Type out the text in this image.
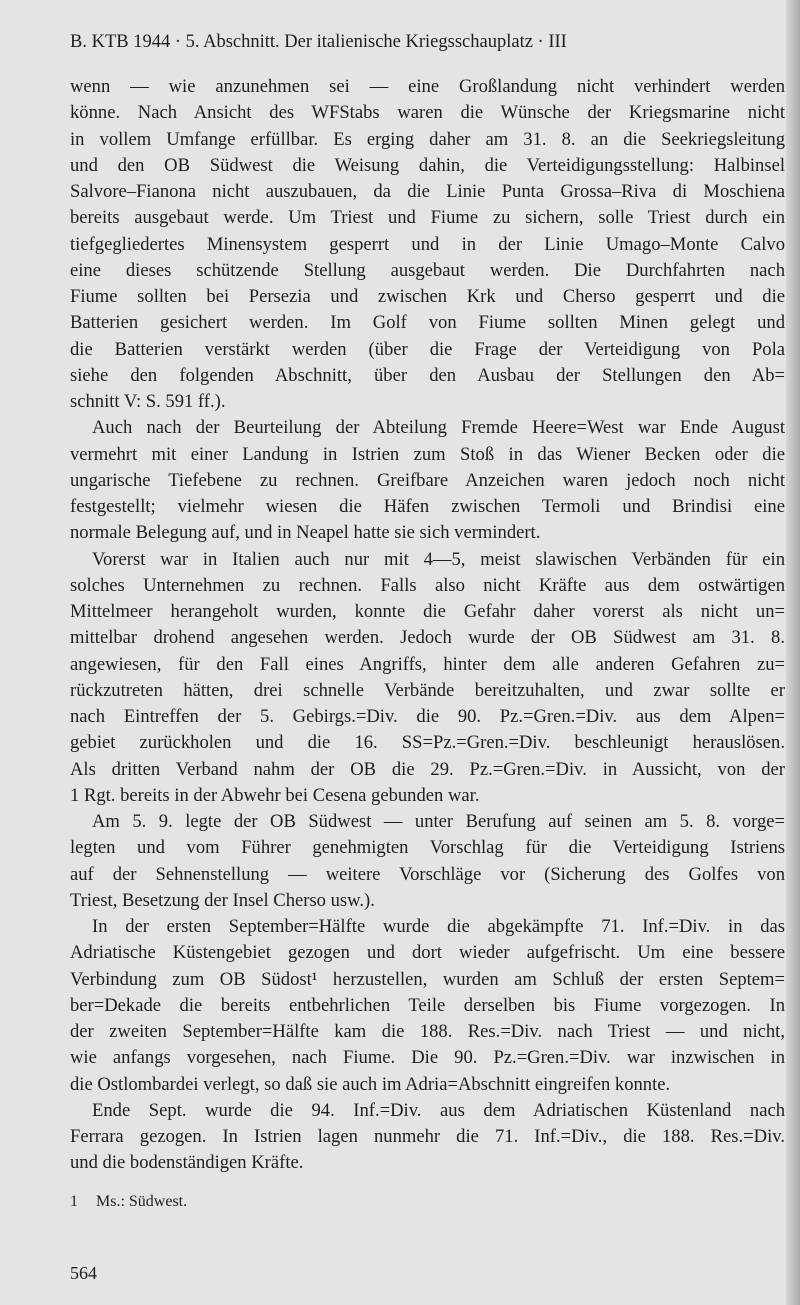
B. KTB 1944 · 5. Abschnitt. Der italienische Kriegsschauplatz · III
wenn — wie anzunehmen sei — eine Großlandung nicht verhindert werden
könne. Nach Ansicht des WFStabs waren die Wünsche der Kriegsmarine nicht
in vollem Umfange erfüllbar. Es erging daher am 31. 8. an die Seekriegsleitung
und den OB Südwest die Weisung dahin, die Verteidigungsstellung: Halbinsel
Salvore–Fianona nicht auszubauen, da die Linie Punta Grossa–Riva di Moschiena
bereits ausgebaut werde. Um Triest und Fiume zu sichern, solle Triest durch ein
tiefgegliedertes Minensystem gesperrt und in der Linie Umago–Monte Calvo
eine dieses schützende Stellung ausgebaut werden. Die Durchfahrten nach
Fiume sollten bei Persezia und zwischen Krk und Cherso gesperrt und die
Batterien gesichert werden. Im Golf von Fiume sollten Minen gelegt und
die Batterien verstärkt werden (über die Frage der Verteidigung von Pola
siehe den folgenden Abschnitt, über den Ausbau der Stellungen den Ab=
schnitt V: S. 591 ff.).
Auch nach der Beurteilung der Abteilung Fremde Heere=West war Ende August
vermehrt mit einer Landung in Istrien zum Stoß in das Wiener Becken oder die
ungarische Tiefebene zu rechnen. Greifbare Anzeichen waren jedoch noch nicht
festgestellt; vielmehr wiesen die Häfen zwischen Termoli und Brindisi eine
normale Belegung auf, und in Neapel hatte sie sich vermindert.
Vorerst war in Italien auch nur mit 4—5, meist slawischen Verbänden für ein
solches Unternehmen zu rechnen. Falls also nicht Kräfte aus dem ostwärtigen
Mittelmeer herangeholt wurden, konnte die Gefahr daher vorerst als nicht un=
mittelbar drohend angesehen werden. Jedoch wurde der OB Südwest am 31. 8.
angewiesen, für den Fall eines Angriffs, hinter dem alle anderen Gefahren zu=
rückzutreten hätten, drei schnelle Verbände bereitzuhalten, und zwar sollte er
nach Eintreffen der 5. Gebirgs.=Div. die 90. Pz.=Gren.=Div. aus dem Alpen=
gebiet zurückholen und die 16. SS=Pz.=Gren.=Div. beschleunigt herauslösen.
Als dritten Verband nahm der OB die 29. Pz.=Gren.=Div. in Aussicht, von der
1 Rgt. bereits in der Abwehr bei Cesena gebunden war.
Am 5. 9. legte der OB Südwest — unter Berufung auf seinen am 5. 8. vorge=
legten und vom Führer genehmigten Vorschlag für die Verteidigung Istriens
auf der Sehnenstellung — weitere Vorschläge vor (Sicherung des Golfes von
Triest, Besetzung der Insel Cherso usw.).
In der ersten September=Hälfte wurde die abgekämpfte 71. Inf.=Div. in das
Adriatische Küstengebiet gezogen und dort wieder aufgefrischt. Um eine bessere
Verbindung zum OB Südost¹ herzustellen, wurden am Schluß der ersten Septem=
ber=Dekade die bereits entbehrlichen Teile derselben bis Fiume vorgezogen. In
der zweiten September=Hälfte kam die 188. Res.=Div. nach Triest — und nicht,
wie anfangs vorgesehen, nach Fiume. Die 90. Pz.=Gren.=Div. war inzwischen in
die Ostlombardei verlegt, so daß sie auch im Adria=Abschnitt eingreifen konnte.
Ende Sept. wurde die 94. Inf.=Div. aus dem Adriatischen Küstenland nach
Ferrara gezogen. In Istrien lagen nunmehr die 71. Inf.=Div., die 188. Res.=Div.
und die bodenständigen Kräfte.
1 Ms.: Südwest.
564
